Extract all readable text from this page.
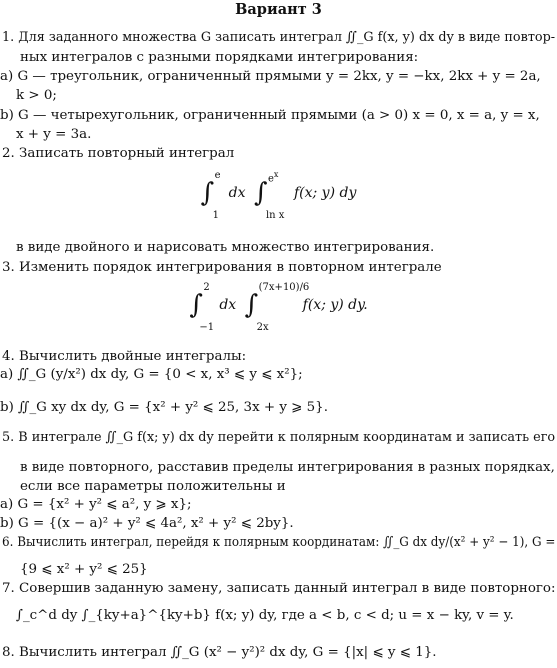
Вариант 3
1. Для заданного множества G записать интеграл ∬_G f(x, y) dx dy в виде повтор-
ных интегралов с разными порядками интегрирования:
a) G — треугольник, ограниченный прямыми y = 2kx, y = −kx, 2kx + y = 2a,
k > 0;
b) G — четырехугольник, ограниченный прямыми (a > 0) x = 0, x = a, y = x,
x + y = 3a.
2. Записать повторный интеграл
в виде двойного и нарисовать множество интегрирования.
3. Изменить порядок интегрирования в повторном интеграле
4. Вычислить двойные интегралы:
a) ∬_G (y/x²) dx dy, G = {0 < x, x³ ⩽ y ⩽ x²};
b) ∬_G xy dx dy, G = {x² + y² ⩽ 25, 3x + y ⩾ 5}.
5. В интеграле ∬_G f(x; y) dx dy перейти к полярным координатам и записать его
в виде повторного, расставив пределы интегрирования в разных порядках,
если все параметры положительны и
a) G = {x² + y² ⩽ a², y ⩾ x};
b) G = {(x − a)² + y² ⩽ 4a², x² + y² ⩽ 2by}.
6. Вычислить интеграл, перейдя к полярным координатам: ∬_G dx dy/(x² + y² − 1), G =
{9 ⩽ x² + y² ⩽ 25}
7. Совершив заданную замену, записать данный интеграл в виде повторного:
∫_c^d dy ∫_{ky+a}^{ky+b} f(x; y) dy, где a < b, c < d; u = x − ky, v = y.
8. Вычислить интеграл ∬_G (x² − y²)² dx dy, G = {|x| ⩽ y ⩽ 1}.
∫
e
1
dx ∫ $e^x$
ln x
f(x; y) dy
∫
2
−1
dx ∫
(7x+10)/6
2x
f(x; y) dy.
